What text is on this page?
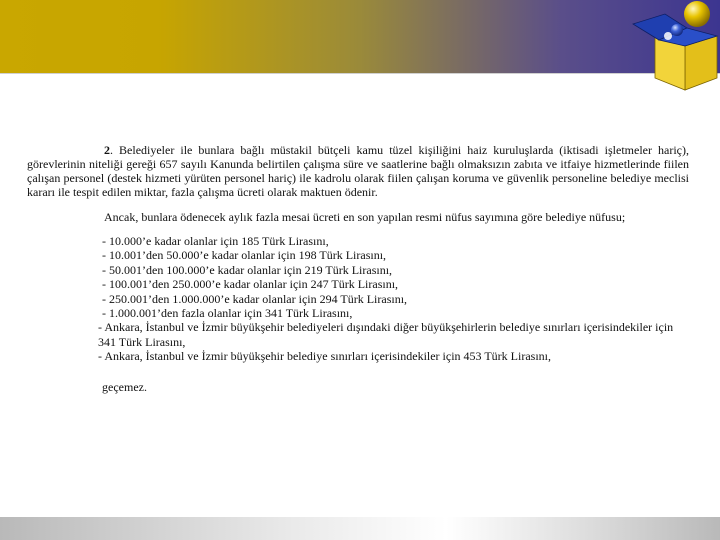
2. Belediyeler ile bunlara bağlı müstakil bütçeli kamu tüzel kişiliğini haiz kuruluşlarda (iktisadi işletmeler hariç), görevlerinin niteliği gereği 657 sayılı Kanunda belirtilen çalışma süre ve saatlerine bağlı olmaksızın zabıta ve itfaiye hizmetlerinde fiilen çalışan personel (destek hizmeti yürüten personel hariç) ile kadrolu olarak fiilen çalışan koruma ve güvenlik personeline belediye meclisi kararı ile tespit edilen miktar, fazla çalışma ücreti olarak maktuen ödenir.

Ancak, bunlara ödenecek aylık fazla mesai ücreti en son yapılan resmi nüfus sayımına göre belediye nüfusu;

- 10.000’e kadar olanlar için 185 Türk Lirasını,
- 10.001’den 50.000’e kadar olanlar için 198 Türk Lirasını,
- 50.001’den 100.000’e kadar olanlar için 219 Türk Lirasını,
- 100.001’den 250.000’e kadar olanlar için 247 Türk Lirasını,
- 250.001’den 1.000.000’e kadar olanlar için 294 Türk Lirasını,
- 1.000.001’den fazla olanlar için 341 Türk Lirasını,
- Ankara, İstanbul ve İzmir büyükşehir belediyeleri dışındaki diğer büyükşehirlerin belediye sınırları içerisindekiler için 341 Türk Lirasını,
- Ankara, İstanbul ve İzmir büyükşehir belediye sınırları içerisindekiler için 453 Türk Lirasını,

geçemez.
